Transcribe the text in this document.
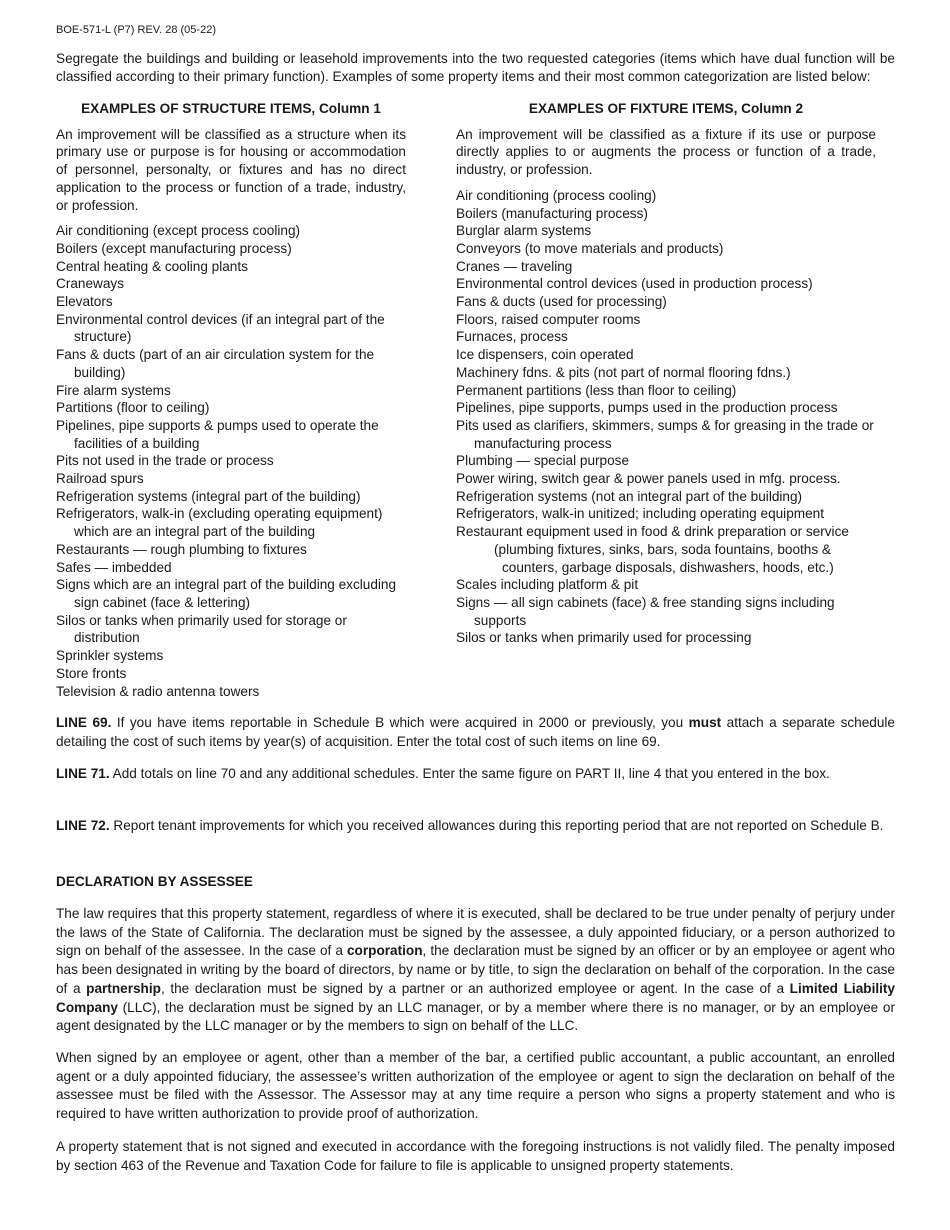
BOE-571-L (P7) REV. 28 (05-22)

Segregate the buildings and building or leasehold improvements into the two requested categories (items which have dual function will be classified according to their primary function). Examples of some property items and their most common categorization are listed below:

EXAMPLES OF STRUCTURE ITEMS, Column 1

An improvement will be classified as a structure when its primary use or purpose is for housing or accommodation of personnel, personalty, or fixtures and has no direct application to the process or function of a trade, industry, or profession.

Air conditioning (except process cooling)
Boilers (except manufacturing process)
Central heating & cooling plants
Craneways
Elevators
Environmental control devices (if an integral part of the structure)
Fans & ducts (part of an air circulation system for the building)
Fire alarm systems
Partitions (floor to ceiling)
Pipelines, pipe supports & pumps used to operate the facilities of a building
Pits not used in the trade or process
Railroad spurs
Refrigeration systems (integral part of the building)
Refrigerators, walk-in (excluding operating equipment) which are an integral part of the building
Restaurants — rough plumbing to fixtures
Safes — imbedded
Signs which are an integral part of the building excluding sign cabinet (face & lettering)
Silos or tanks when primarily used for storage or distribution
Sprinkler systems
Store fronts
Television & radio antenna towers
EXAMPLES OF FIXTURE ITEMS, Column 2

An improvement will be classified as a fixture if its use or purpose directly applies to or augments the process or function of a trade, industry, or profession.

Air conditioning (process cooling)
Boilers (manufacturing process)
Burglar alarm systems
Conveyors (to move materials and products)
Cranes — traveling
Environmental control devices (used in production process)
Fans & ducts (used for processing)
Floors, raised computer rooms
Furnaces, process
Ice dispensers, coin operated
Machinery fdns. & pits (not part of normal flooring fdns.)
Permanent partitions (less than floor to ceiling)
Pipelines, pipe supports, pumps used in the production process
Pits used as clarifiers, skimmers, sumps & for greasing in the trade or manufacturing process
Plumbing — special purpose
Power wiring, switch gear & power panels used in mfg. process.
Refrigeration systems (not an integral part of the building)
Refrigerators, walk-in unitized; including operating equipment
Restaurant equipment used in food & drink preparation or service
(plumbing fixtures, sinks, bars, soda fountains, booths &
counters, garbage disposals, dishwashers, hoods, etc.)
Scales including platform & pit
Signs — all sign cabinets (face) & free standing signs including supports
Silos or tanks when primarily used for processing

LINE 69. If you have items reportable in Schedule B which were acquired in 2000 or previously, you must attach a separate schedule detailing the cost of such items by year(s) of acquisition. Enter the total cost of such items on line 69.

LINE 71. Add totals on line 70 and any additional schedules. Enter the same figure on PART II, line 4 that you entered in the box.

LINE 72. Report tenant improvements for which you received allowances during this reporting period that are not reported on Schedule B.

DECLARATION BY ASSESSEE

The law requires that this property statement, regardless of where it is executed, shall be declared to be true under penalty of perjury under the laws of the State of California. The declaration must be signed by the assessee, a duly appointed fiduciary, or a person authorized to sign on behalf of the assessee. In the case of a corporation, the declaration must be signed by an officer or by an employee or agent who has been designated in writing by the board of directors, by name or by title, to sign the declaration on behalf of the corporation. In the case of a partnership, the declaration must be signed by a partner or an authorized employee or agent. In the case of a Limited Liability Company (LLC), the declaration must be signed by an LLC manager, or by a member where there is no manager, or by an employee or agent designated by the LLC manager or by the members to sign on behalf of the LLC.

When signed by an employee or agent, other than a member of the bar, a certified public accountant, a public accountant, an enrolled agent or a duly appointed fiduciary, the assessee’s written authorization of the employee or agent to sign the declaration on behalf of the assessee must be filed with the Assessor. The Assessor may at any time require a person who signs a property statement and who is required to have written authorization to provide proof of authorization.

A property statement that is not signed and executed in accordance with the foregoing instructions is not validly filed. The penalty imposed by section 463 of the Revenue and Taxation Code for failure to file is applicable to unsigned property statements.
